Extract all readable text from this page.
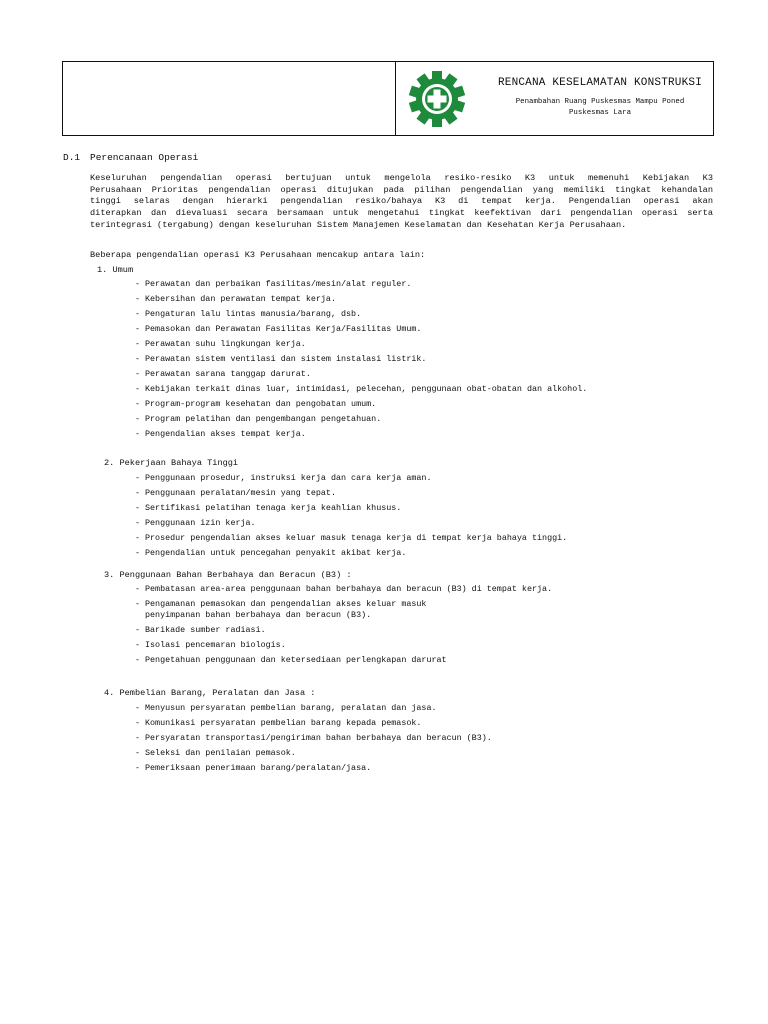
RENCANA KESELAMATAN KONSTRUKSI
Penambahan Ruang Puskesmas Mampu Poned
Puskesmas Lara
D.1 Perencanaan Operasi
Keseluruhan pengendalian operasi bertujuan untuk mengelola resiko-resiko K3 untuk memenuhi Kebijakan K3
Perusahaan Prioritas pengendalian operasi ditujukan pada pilihan pengendalian yang memiliki tingkat kehandalan
tinggi selaras dengan hierarki pengendalian resiko/bahaya K3 di tempat kerja. Pengendalian operasi akan
diterapkan dan dievaluasi secara bersamaan untuk mengetahui tingkat keefektivan dari pengendalian operasi serta
terintegrasi (tergabung) dengan keseluruhan Sistem Manajemen Keselamatan dan Kesehatan Kerja Perusahaan.
Beberapa pengendalian operasi K3 Perusahaan mencakup antara lain:
1. Umum
- Perawatan dan perbaikan fasilitas/mesin/alat reguler.
- Kebersihan dan perawatan tempat kerja.
- Pengaturan lalu lintas manusia/barang, dsb.
- Pemasokan dan Perawatan Fasilitas Kerja/Fasilitas Umum.
- Perawatan suhu lingkungan kerja.
- Perawatan sistem ventilasi dan sistem instalasi listrik.
- Perawatan sarana tanggap darurat.
- Kebijakan terkait dinas luar, intimidasi, pelecehan, penggunaan obat-obatan dan alkohol.
- Program-program kesehatan dan pengobatan umum.
- Program pelatihan dan pengembangan pengetahuan.
- Pengendalian akses tempat kerja.
2. Pekerjaan Bahaya Tinggi
- Penggunaan prosedur, instruksi kerja dan cara kerja aman.
- Penggunaan peralatan/mesin yang tepat.
- Sertifikasi pelatihan tenaga kerja keahlian khusus.
- Penggunaan izin kerja.
- Prosedur pengendalian akses keluar masuk tenaga kerja di tempat kerja bahaya tinggi.
- Pengendalian untuk pencegahan penyakit akibat kerja.
3. Penggunaan Bahan Berbahaya dan Beracun (B3) :
- Pembatasan area-area penggunaan bahan berbahaya dan beracun (B3) di tempat kerja.
- Pengamanan pemasokan dan pengendalian akses keluar masuk
penyimpanan bahan berbahaya dan beracun (B3).
- Barikade sumber radiasi.
- Isolasi pencemaran biologis.
- Pengetahuan penggunaan dan ketersediaan perlengkapan darurat
4. Pembelian Barang, Peralatan dan Jasa :
- Menyusun persyaratan pembelian barang, peralatan dan jasa.
- Komunikasi persyaratan pembelian barang kepada pemasok.
- Persyaratan transportasi/pengiriman bahan berbahaya dan beracun (B3).
- Seleksi dan penilaian pemasok.
- Pemeriksaan penerimaan barang/peralatan/jasa.
